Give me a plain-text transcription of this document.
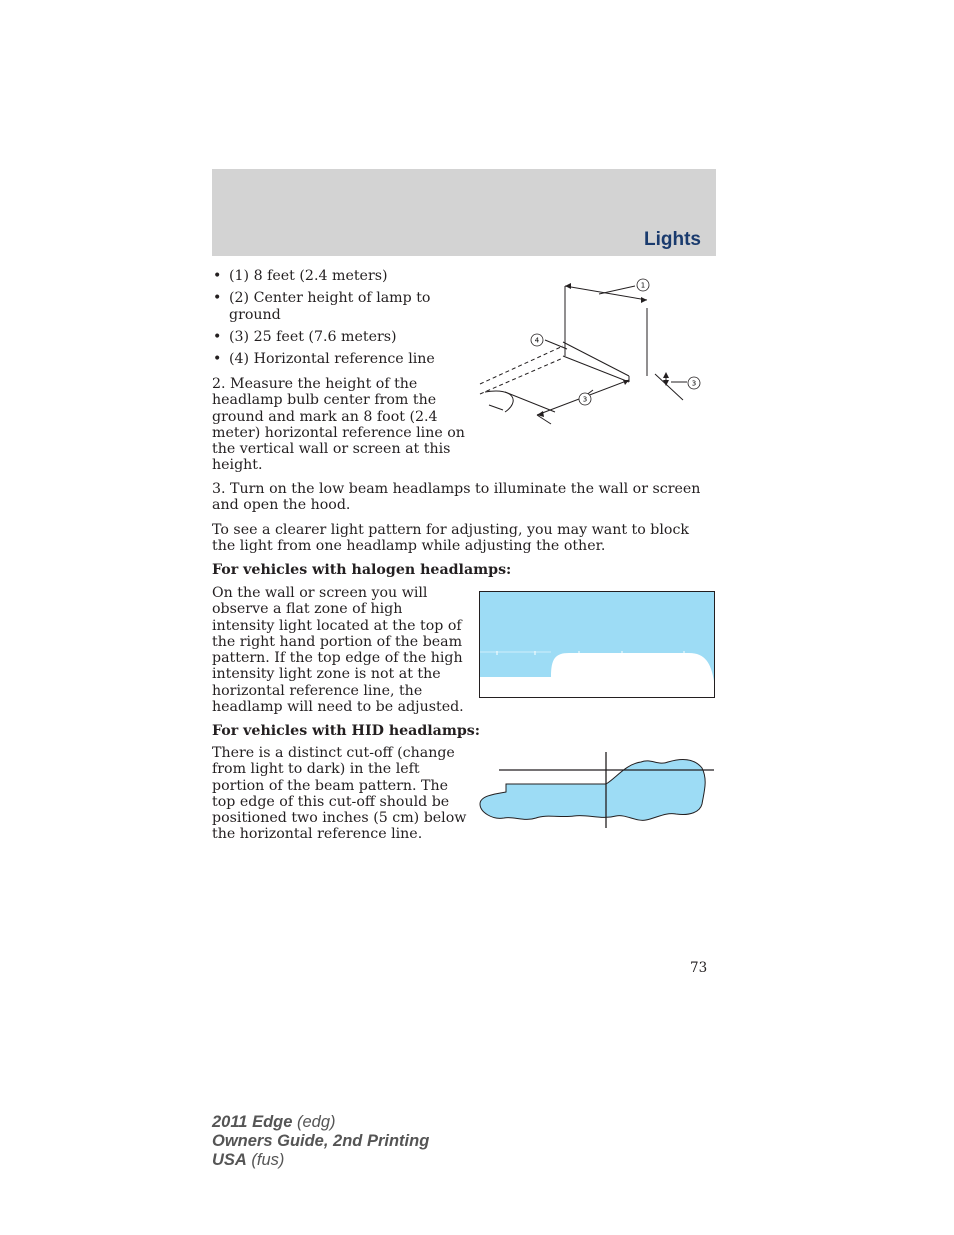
Lights
• (1) 8 feet (2.4 meters)
• (2) Center height of lamp to ground
• (3) 25 feet (7.6 meters)
• (4) Horizontal reference line

2. Measure the height of the headlamp bulb center from the ground and mark an 8 foot (2.4 meter) horizontal reference line on the vertical wall or screen at this height.

1
4
3
3

3. Turn on the low beam headlamps to illuminate the wall or screen and open the hood.

To see a clearer light pattern for adjusting, you may want to block the light from one headlamp while adjusting the other.

For vehicles with halogen headlamps:

On the wall or screen you will observe a flat zone of high intensity light located at the top of the right hand portion of the beam pattern. If the top edge of the high intensity light zone is not at the horizontal reference line, the headlamp will need to be adjusted.

For vehicles with HID headlamps:

There is a distinct cut-off (change from light to dark) in the left portion of the beam pattern. The top edge of this cut-off should be positioned two inches (5 cm) below the horizontal reference line.

73
2011 Edge (edg)
Owners Guide, 2nd Printing
USA (fus)
